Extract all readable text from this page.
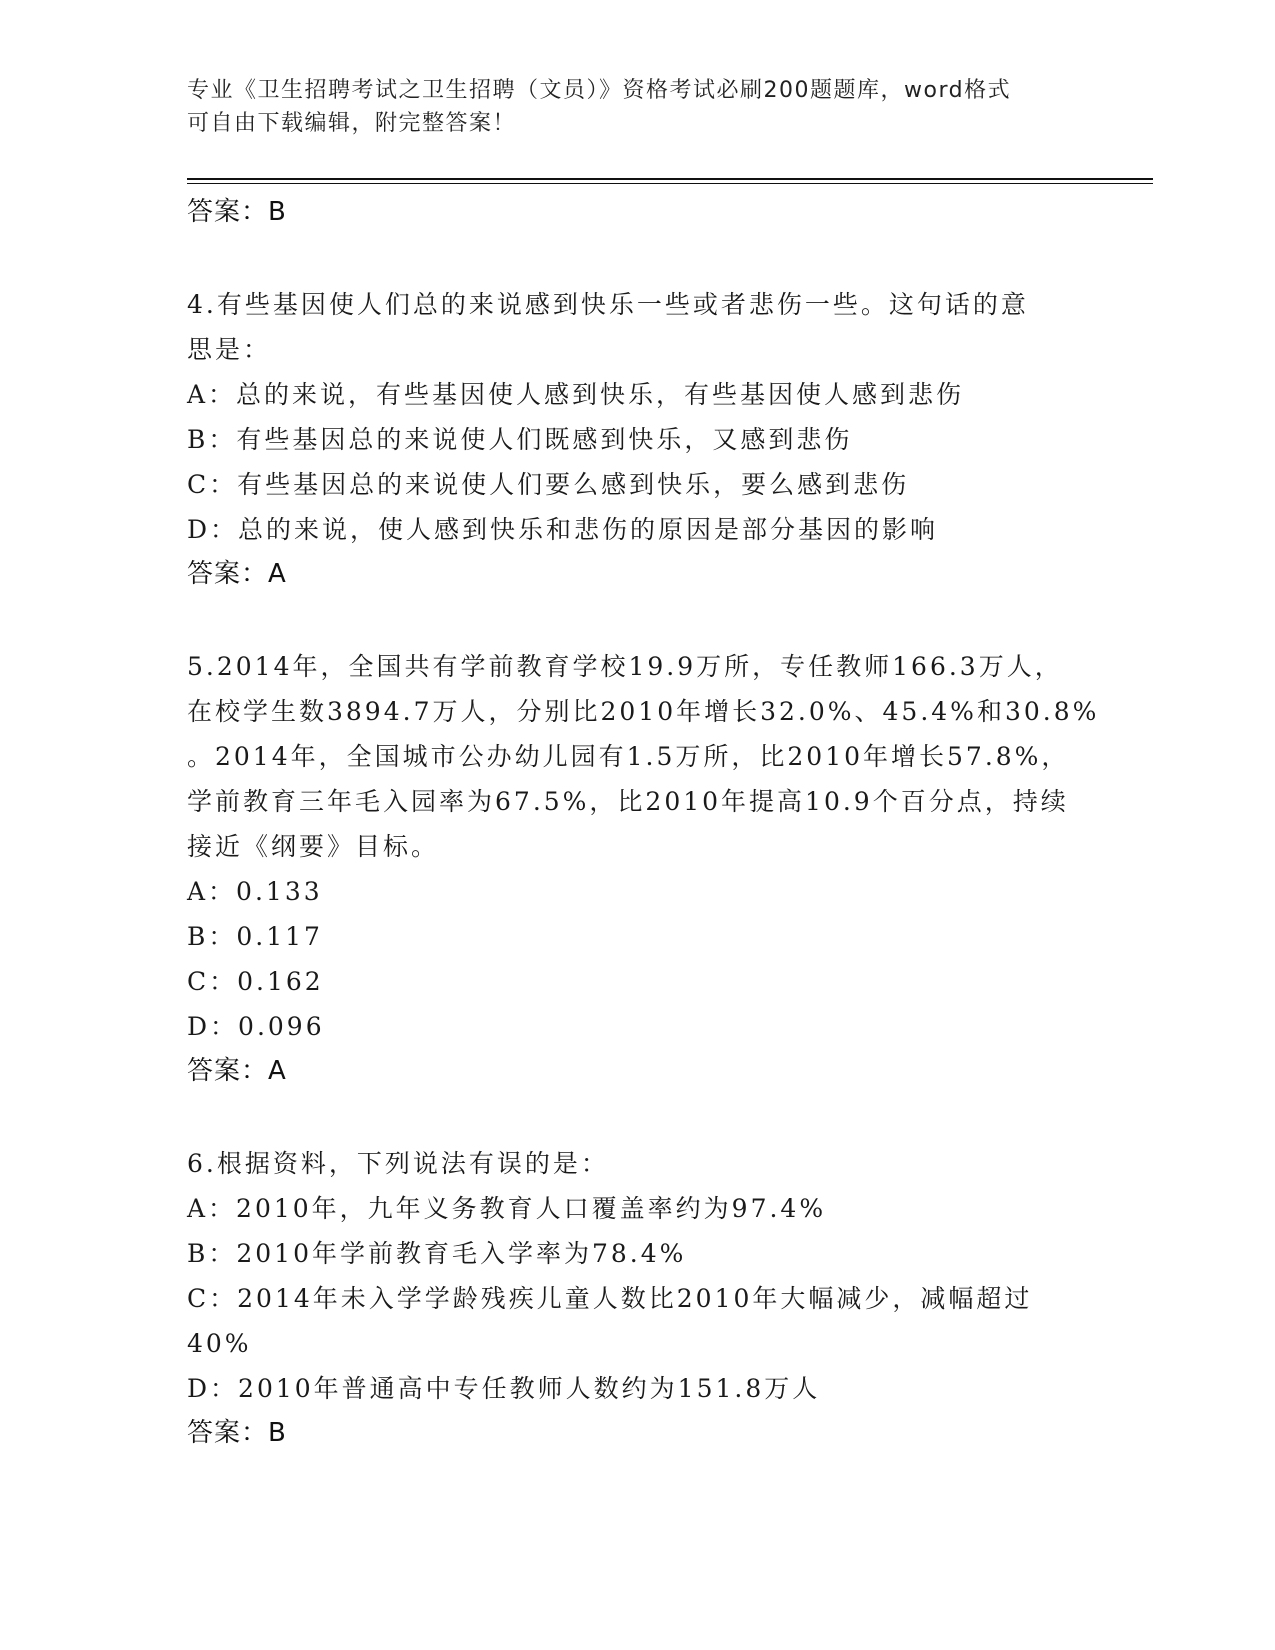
专业《卫生招聘考试之卫生招聘（文员）》资格考试必刷200题题库，word格式
可自由下载编辑，附完整答案！
答案：B
4.有些基因使人们总的来说感到快乐一些或者悲伤一些。这句话的意
思是：
A：总的来说，有些基因使人感到快乐，有些基因使人感到悲伤
B：有些基因总的来说使人们既感到快乐，又感到悲伤
C：有些基因总的来说使人们要么感到快乐，要么感到悲伤
D：总的来说，使人感到快乐和悲伤的原因是部分基因的影响
答案：A
5.2014年，全国共有学前教育学校19.9万所，专任教师166.3万人，
在校学生数3894.7万人，分别比2010年增长32.0%、45.4%和30.8%
。2014年，全国城市公办幼儿园有1.5万所，比2010年增长57.8%，
学前教育三年毛入园率为67.5%，比2010年提高10.9个百分点，持续
接近《纲要》目标。
A：0.133
B：0.117
C：0.162
D：0.096
答案：A
6.根据资料，下列说法有误的是：
A：2010年，九年义务教育人口覆盖率约为97.4%
B：2010年学前教育毛入学率为78.4%
C：2014年未入学学龄残疾儿童人数比2010年大幅减少，减幅超过
40%
D：2010年普通高中专任教师人数约为151.8万人
答案：B
